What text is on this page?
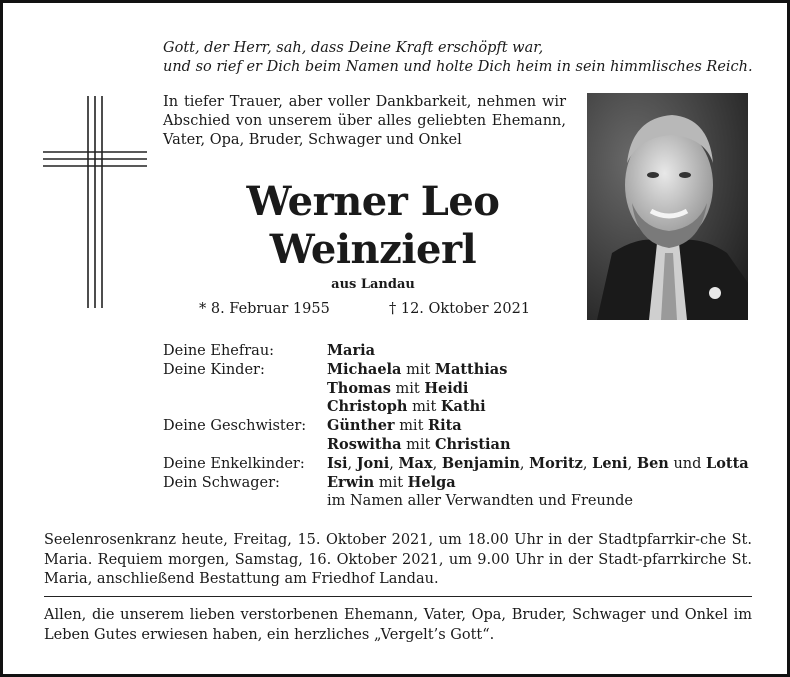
Gott, der Herr, sah, dass Deine Kraft erschöpft war,
und so rief er Dich beim Namen und holte Dich heim in sein himmlisches Reich.
In tiefer Trauer, aber voller Dankbarkeit, nehmen wir Abschied von unserem über alles geliebten Ehemann, Vater, Opa, Bruder, Schwager und Onkel
Werner Leo
Weinzierl
aus Landau
* 8. Februar 1955	† 12. Oktober 2021
Deine Ehefrau:	Maria
Deine Kinder:	Michaela mit Matthias
Thomas mit Heidi
Christoph mit Kathi
Deine Geschwister: Günther mit Rita
Roswitha mit Christian
Deine Enkelkinder: Isi, Joni, Max, Benjamin, Moritz, Leni, Ben und Lotta
Dein Schwager:	Erwin mit Helga
im Namen aller Verwandten und Freunde
Seelenrosenkranz heute, Freitag, 15. Oktober 2021, um 18.00 Uhr in der Stadtpfarrkir-che St. Maria. Requiem morgen, Samstag, 16. Oktober 2021, um 9.00 Uhr in der Stadt-pfarrkirche St. Maria, anschließend Bestattung am Friedhof Landau.
Allen, die unserem lieben verstorbenen Ehemann, Vater, Opa, Bruder, Schwager und Onkel im Leben Gutes erwiesen haben, ein herzliches „Vergelt’s Gott“.
